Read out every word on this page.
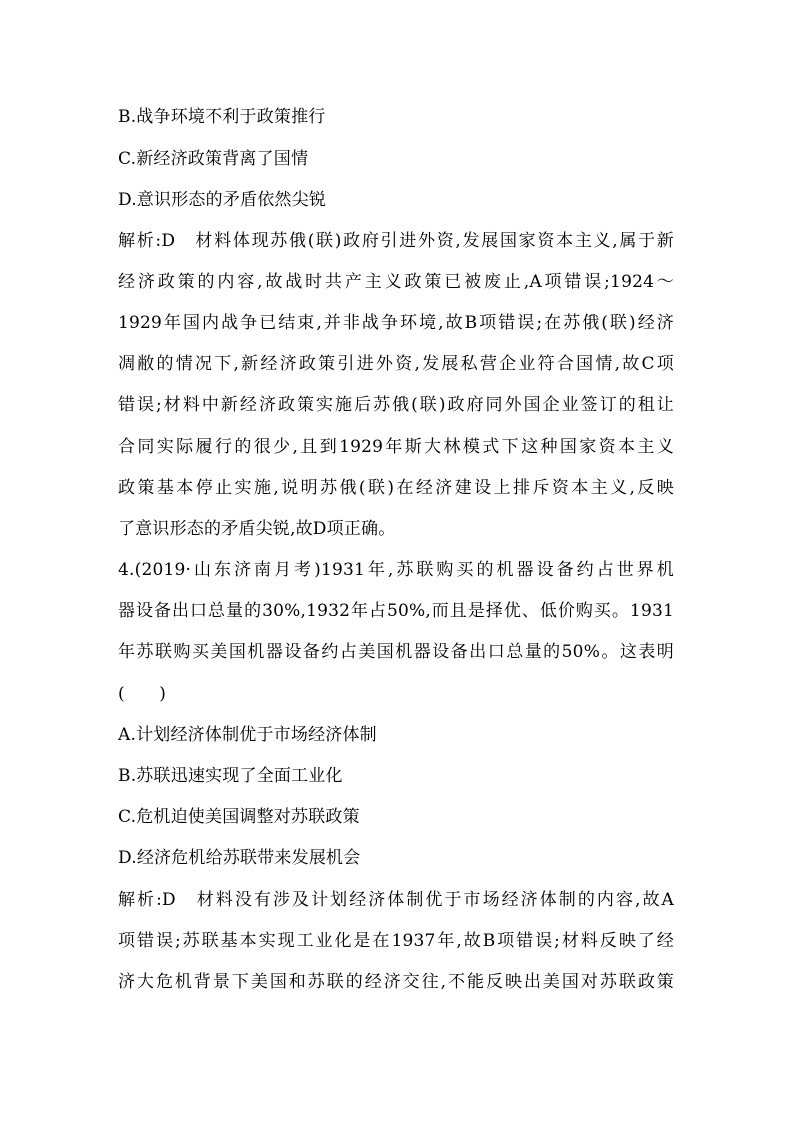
B.战争环境不利于政策推行
C.新经济政策背离了国情
D.意识形态的矛盾依然尖锐
解析:D　材料体现苏俄(联)政府引进外资,发展国家资本主义,属于新
经济政策的内容,故战时共产主义政策已被废止,A项错误;1924～
1929年国内战争已结束,并非战争环境,故B项错误;在苏俄(联)经济
凋敝的情况下,新经济政策引进外资,发展私营企业符合国情,故C项
错误;材料中新经济政策实施后苏俄(联)政府同外国企业签订的租让
合同实际履行的很少,且到1929年斯大林模式下这种国家资本主义
政策基本停止实施,说明苏俄(联)在经济建设上排斥资本主义,反映
了意识形态的矛盾尖锐,故D项正确。
4.(2019·山东济南月考)1931年,苏联购买的机器设备约占世界机
器设备出口总量的30%,1932年占50%,而且是择优、低价购买。1931
年苏联购买美国机器设备约占美国机器设备出口总量的50%。这表明
(　　)
A.计划经济体制优于市场经济体制
B.苏联迅速实现了全面工业化
C.危机迫使美国调整对苏联政策
D.经济危机给苏联带来发展机会
解析:D　材料没有涉及计划经济体制优于市场经济体制的内容,故A
项错误;苏联基本实现工业化是在1937年,故B项错误;材料反映了经
济大危机背景下美国和苏联的经济交往,不能反映出美国对苏联政策
